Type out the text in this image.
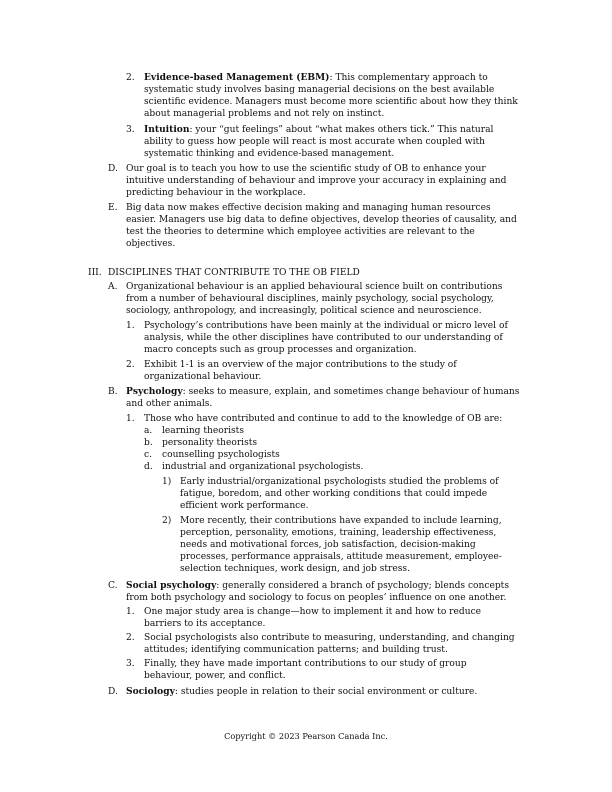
2. Evidence-based Management (EBM): This complementary approach to
systematic study involves basing managerial decisions on the best available
scientific evidence. Managers must become more scientific about how they think
about managerial problems and not rely on instinct.
3. Intuition: your “gut feelings” about “what makes others tick.” This natural
ability to guess how people will react is most accurate when coupled with
systematic thinking and evidence-based management.
D. Our goal is to teach you how to use the scientific study of OB to enhance your
intuitive understanding of behaviour and improve your accuracy in explaining and
predicting behaviour in the workplace.
E. Big data now makes effective decision making and managing human resources
easier. Managers use big data to define objectives, develop theories of causality, and
test the theories to determine which employee activities are relevant to the
objectives.
III. DISCIPLINES THAT CONTRIBUTE TO THE OB FIELD
A. Organizational behaviour is an applied behavioural science built on contributions
from a number of behavioural disciplines, mainly psychology, social psychology,
sociology, anthropology, and increasingly, political science and neuroscience.
1. Psychology’s contributions have been mainly at the individual or micro level of
analysis, while the other disciplines have contributed to our understanding of
macro concepts such as group processes and organization.
2. Exhibit 1-1 is an overview of the major contributions to the study of
organizational behaviour.
B. Psychology: seeks to measure, explain, and sometimes change behaviour of humans
and other animals.
1. Those who have contributed and continue to add to the knowledge of OB are:
a. learning theorists
b. personality theorists
c. counselling psychologists
d. industrial and organizational psychologists.
1) Early industrial/organizational psychologists studied the problems of
fatigue, boredom, and other working conditions that could impede
efficient work performance.
2) More recently, their contributions have expanded to include learning,
perception, personality, emotions, training, leadership effectiveness,
needs and motivational forces, job satisfaction, decision-making
processes, performance appraisals, attitude measurement, employee-
selection techniques, work design, and job stress.
C. Social psychology: generally considered a branch of psychology; blends concepts
from both psychology and sociology to focus on peoples’ influence on one another.
1. One major study area is change—how to implement it and how to reduce
barriers to its acceptance.
2. Social psychologists also contribute to measuring, understanding, and changing
attitudes; identifying communication patterns; and building trust.
3. Finally, they have made important contributions to our study of group
behaviour, power, and conflict.
D. Sociology: studies people in relation to their social environment or culture.
Copyright © 2023 Pearson Canada Inc.
